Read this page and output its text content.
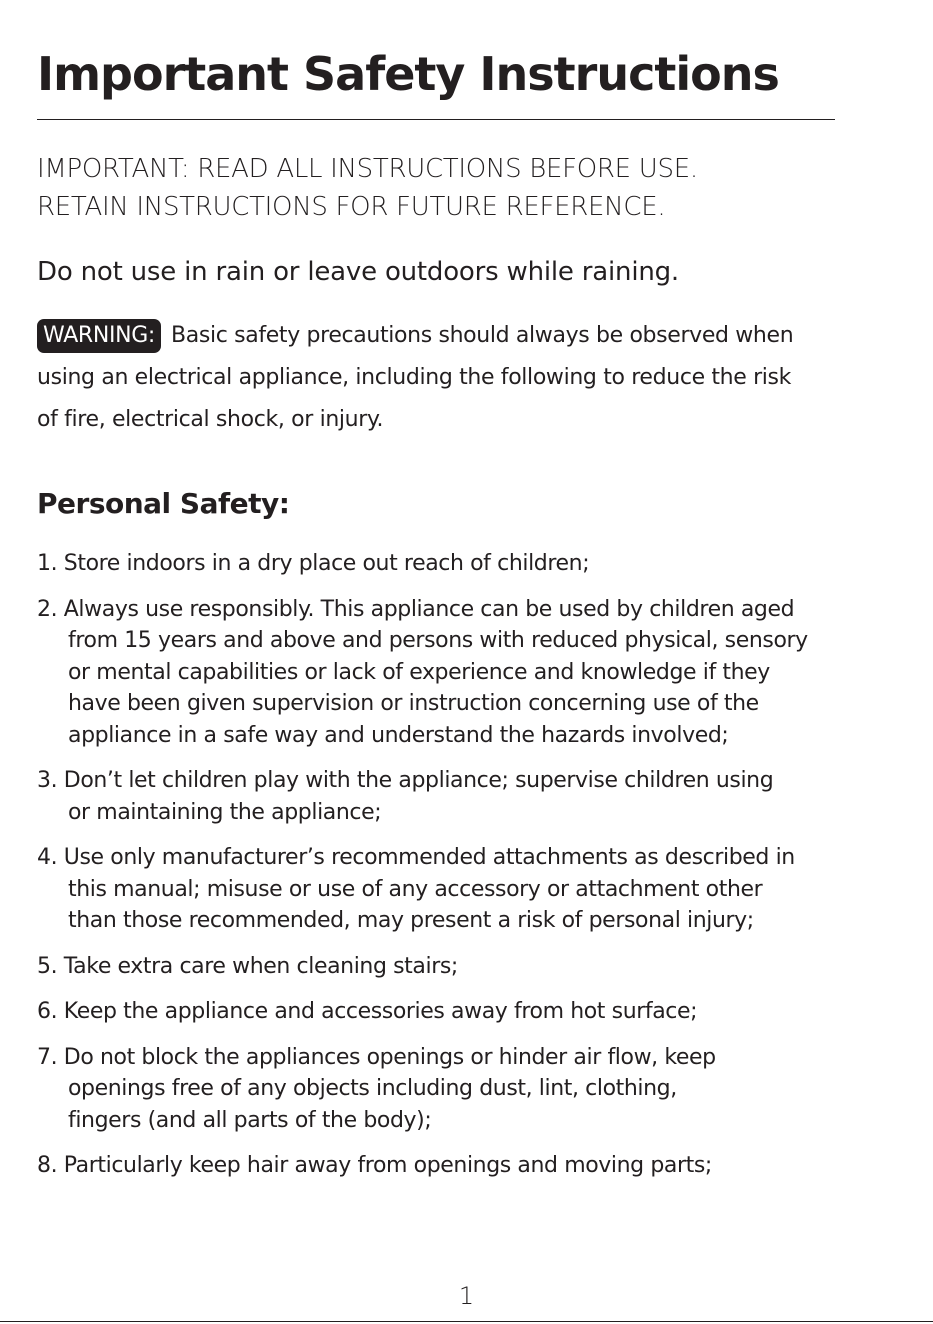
Important Safety Instructions
IMPORTANT: READ ALL INSTRUCTIONS BEFORE USE.
RETAIN INSTRUCTIONS FOR FUTURE REFERENCE.
Do not use in rain or leave outdoors while raining.
WARNING: Basic safety precautions should always be observed when
using an electrical appliance, including the following to reduce the risk
of fire, electrical shock, or injury.
Personal Safety:
1. Store indoors in a dry place out reach of children;
2. Always use responsibly. This appliance can be used by children aged
from 15 years and above and persons with reduced physical, sensory
or mental capabilities or lack of experience and knowledge if they
have been given supervision or instruction concerning use of the
appliance in a safe way and understand the hazards involved;
3. Don’t let children play with the appliance; supervise children using
or maintaining the appliance;
4. Use only manufacturer’s recommended attachments as described in
this manual; misuse or use of any accessory or attachment other
than those recommended, may present a risk of personal injury;
5. Take extra care when cleaning stairs;
6. Keep the appliance and accessories away from hot surface;
7. Do not block the appliances openings or hinder air flow, keep
openings free of any objects including dust, lint, clothing,
fingers (and all parts of the body);
8. Particularly keep hair away from openings and moving parts;
1
